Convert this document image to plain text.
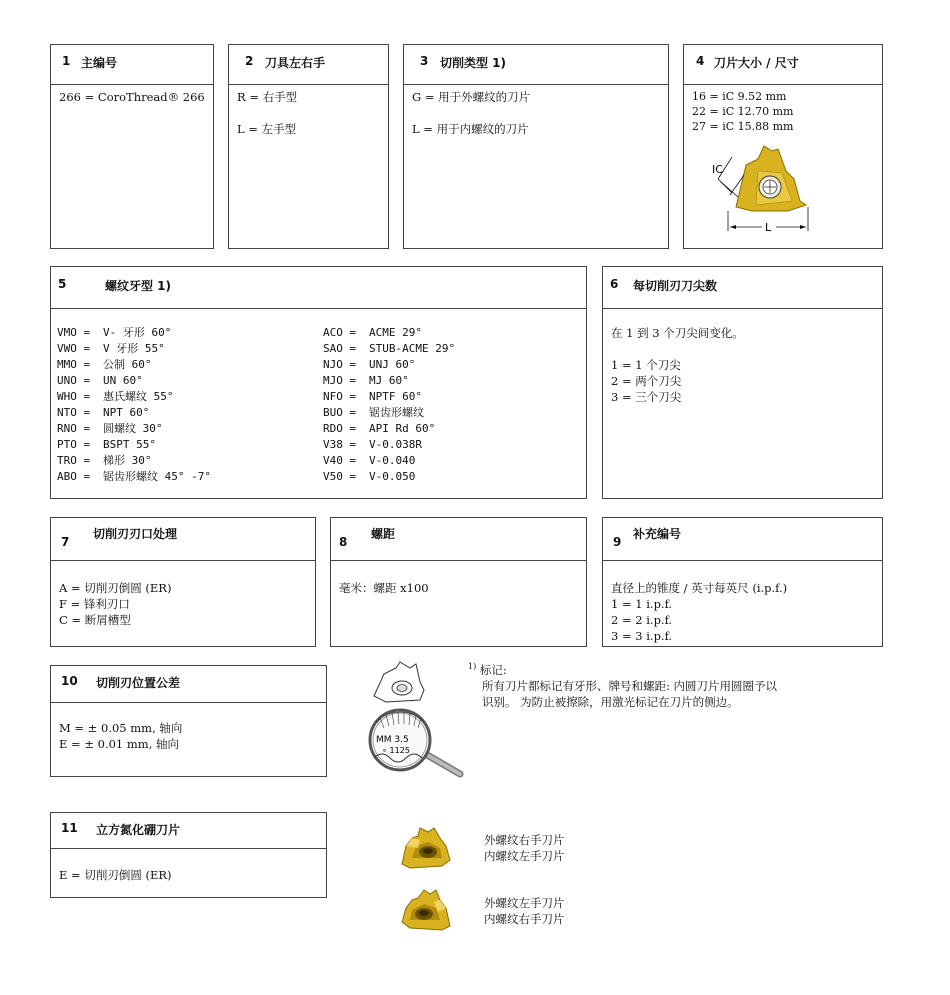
1 主编号
266 = CoroThread® 266
2 刀具左右手
R = 右手型
L = 左手型
3 切削类型 1)
G = 用于外螺纹的刀片
L = 用于内螺纹的刀片
4 刀片大小 / 尺寸
16 = iC 9.52 mm
22 = iC 12.70 mm
27 = iC 15.88 mm
IC
L
5	螺纹牙型 1)
VMO =	V- 牙形 60°
VWO =	V 牙形 55°
MMO =	公制 60°
UNO =	UN 60°
WHO =	惠氏螺纹 55°
NTO =	NPT 60°
RNO =	圆螺纹 30°
PTO =	BSPT 55°
TRO =	梯形 30°
ABO =	锯齿形螺纹 45° -7°
ACO =	ACME 29°
SAO =	STUB-ACME 29°
NJO =	UNJ 60°
MJO =	MJ 60°
NFO =	NPTF 60°
BUO =	锯齿形螺纹
RDO =	API Rd 60°
V38 =	V-0.038R
V40 =	V-0.040
V50 =	V-0.050
6 每切削刃刀尖数
在 1 到 3 个刀尖间变化。
1 = 1 个刀尖
2 = 两个刀尖
3 = 三个刀尖
7
切削刃刃口处理
A = 切削刃倒圆 (ER)
F = 锋利刃口
C = 断屑槽型
8
螺距
毫米：螺距 x100
9
补充编号
直径上的锥度 / 英寸每英尺 (i.p.f.)
1 = 1 i.p.f.
2 = 2 i.p.f.
3 = 3 i.p.f.
10 切削刃位置公差
M = ± 0.05 mm, 轴向
E = ± 0.01 mm, 轴向
11 立方氮化硼刀片
E = 切削刃倒圆 (ER)
MM 3.5
∘ 1125
$^{1)}$ 标记:
所有刀片都标记有牙形、牌号和螺距: 内圆刀片用圆圈予以
识别。 为防止被擦除，用激光标记在刀片的侧边。
外螺纹右手刀片
内螺纹左手刀片
外螺纹左手刀片
内螺纹右手刀片
